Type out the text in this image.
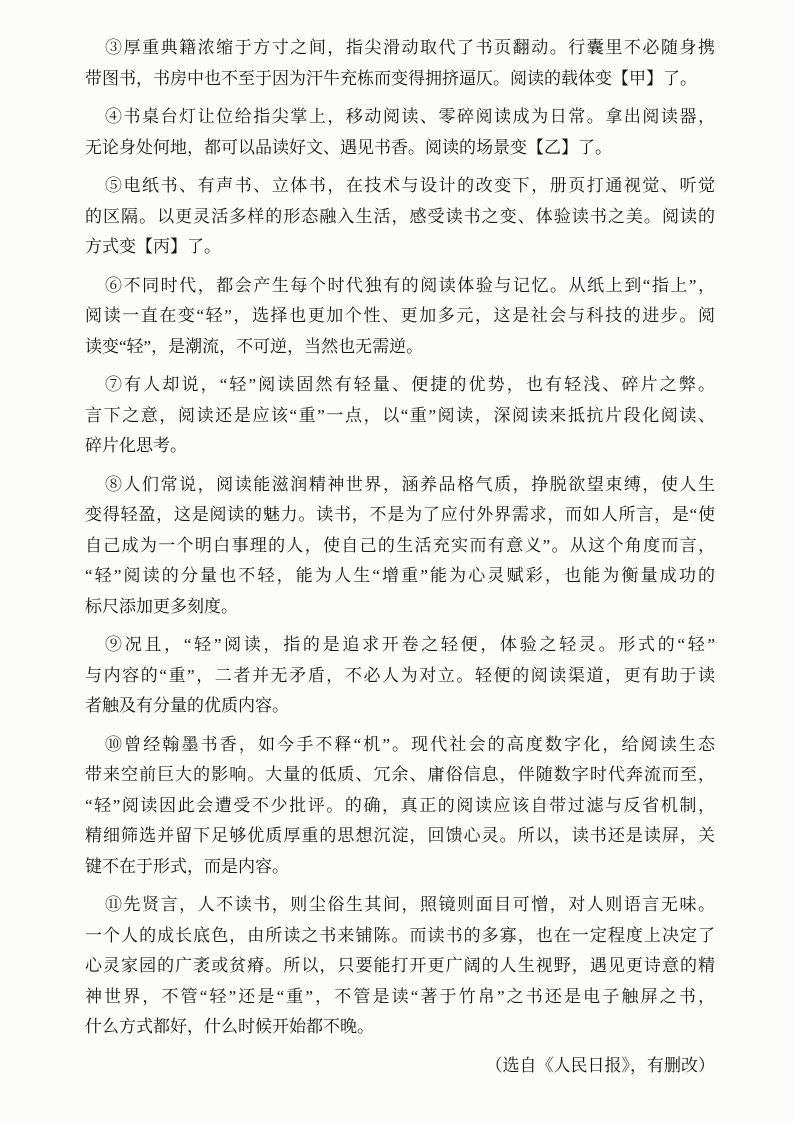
③厚重典籍浓缩于方寸之间，指尖滑动取代了书页翻动。行囊里不必随身携
带图书，书房中也不至于因为汗牛充栋而变得拥挤逼仄。阅读的载体变【甲】了。
④书桌台灯让位给指尖掌上，移动阅读、零碎阅读成为日常。拿出阅读器，
无论身处何地，都可以品读好文、遇见书香。阅读的场景变【乙】了。
⑤电纸书、有声书、立体书，在技术与设计的改变下，册页打通视觉、听觉
的区隔。以更灵活多样的形态融入生活，感受读书之变、体验读书之美。阅读的
方式变【丙】了。
⑥不同时代，都会产生每个时代独有的阅读体验与记忆。从纸上到“指上”，
阅读一直在变“轻”，选择也更加个性、更加多元，这是社会与科技的进步。阅
读变“轻”，是潮流，不可逆，当然也无需逆。
⑦有人却说，“轻”阅读固然有轻量、便捷的优势，也有轻浅、碎片之弊。
言下之意，阅读还是应该“重”一点，以“重”阅读，深阅读来抵抗片段化阅读、
碎片化思考。
⑧人们常说，阅读能滋润精神世界，涵养品格气质，挣脱欲望束缚，使人生
变得轻盈，这是阅读的魅力。读书，不是为了应付外界需求，而如人所言，是“使
自己成为一个明白事理的人，使自己的生活充实而有意义”。从这个角度而言，
“轻”阅读的分量也不轻，能为人生“增重”能为心灵赋彩，也能为衡量成功的
标尺添加更多刻度。
⑨况且，“轻”阅读，指的是追求开卷之轻便，体验之轻灵。形式的“轻”
与内容的“重”，二者并无矛盾，不必人为对立。轻便的阅读渠道，更有助于读
者触及有分量的优质内容。
⑩曾经翰墨书香，如今手不释“机”。现代社会的高度数字化，给阅读生态
带来空前巨大的影响。大量的低质、冗余、庸俗信息，伴随数字时代奔流而至，
“轻”阅读因此会遭受不少批评。的确，真正的阅读应该自带过滤与反省机制，
精细筛选并留下足够优质厚重的思想沉淀，回馈心灵。所以，读书还是读屏，关
键不在于形式，而是内容。
⑪先贤言，人不读书，则尘俗生其间，照镜则面目可憎，对人则语言无味。
一个人的成长底色，由所读之书来铺陈。而读书的多寡，也在一定程度上决定了
心灵家园的广袤或贫瘠。所以，只要能打开更广阔的人生视野，遇见更诗意的精
神世界，不管“轻”还是“重”，不管是读“著于竹帛”之书还是电子触屏之书，
什么方式都好，什么时候开始都不晚。
（选自《人民日报》，有删改）
